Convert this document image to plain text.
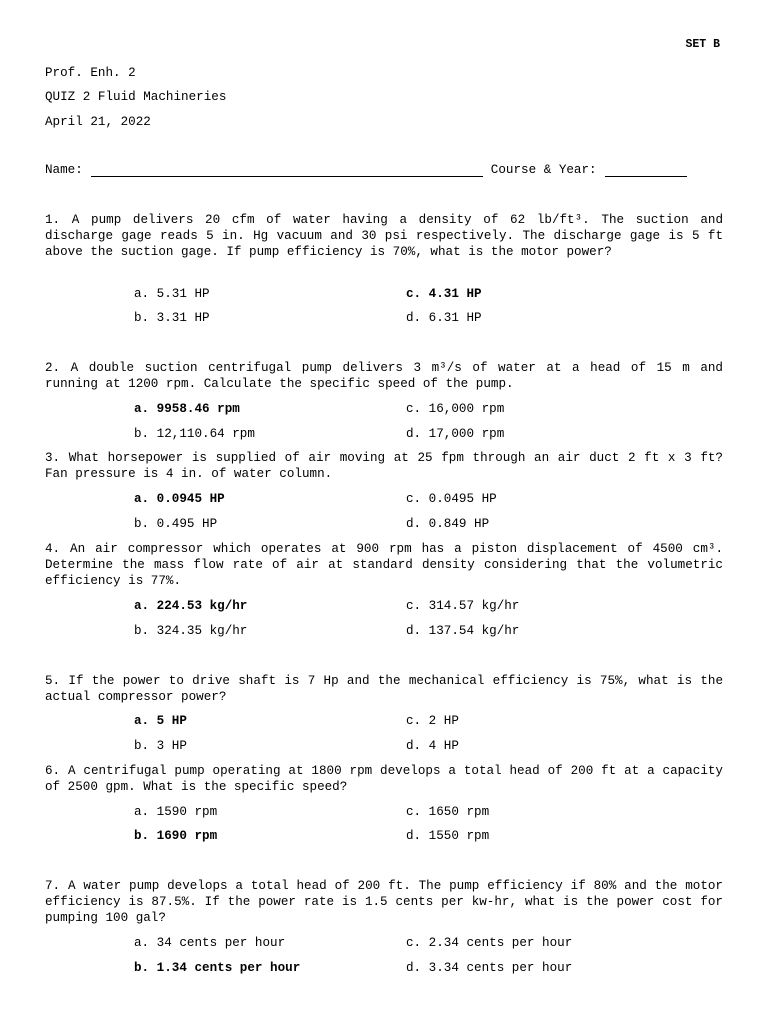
SET B
Prof. Enh. 2
QUIZ 2 Fluid Machineries
April 21, 2022
Name:	Course & Year:
1. A pump delivers 20 cfm of water having a density of 62 lb/ft³. The suction and discharge gage reads 5 in. Hg vacuum and 30 psi respectively. The discharge gage is 5 ft above the suction gage. If pump efficiency is 70%, what is the motor power?
a. 5.31 HP	c. 4.31 HP
b. 3.31 HP	d. 6.31 HP
2. A double suction centrifugal pump delivers 3 m³/s of water at a head of 15 m and running at 1200 rpm. Calculate the specific speed of the pump.
a. 9958.46 rpm	c. 16,000 rpm
b. 12,110.64 rpm	d. 17,000 rpm
3. What horsepower is supplied of air moving at 25 fpm through an air duct 2 ft x 3 ft? Fan pressure is 4 in. of water column.
a. 0.0945 HP	c. 0.0495 HP
b. 0.495 HP	d. 0.849 HP
4. An air compressor which operates at 900 rpm has a piston displacement of 4500 cm³. Determine the mass flow rate of air at standard density considering that the volumetric efficiency is 77%.
a. 224.53 kg/hr	c. 314.57 kg/hr
b. 324.35 kg/hr	d. 137.54 kg/hr
5. If the power to drive shaft is 7 Hp and the mechanical efficiency is 75%, what is the actual compressor power?
a. 5 HP	c. 2 HP
b. 3 HP	d. 4 HP
6. A centrifugal pump operating at 1800 rpm develops a total head of 200 ft at a capacity of 2500 gpm. What is the specific speed?
a. 1590 rpm	c. 1650 rpm
b. 1690 rpm	d. 1550 rpm
7. A water pump develops a total head of 200 ft. The pump efficiency if 80% and the motor efficiency is 87.5%. If the power rate is 1.5 cents per kw-hr, what is the power cost for pumping 100 gal?
a. 34 cents per hour	c. 2.34 cents per hour
b. 1.34 cents per hour	d. 3.34 cents per hour
